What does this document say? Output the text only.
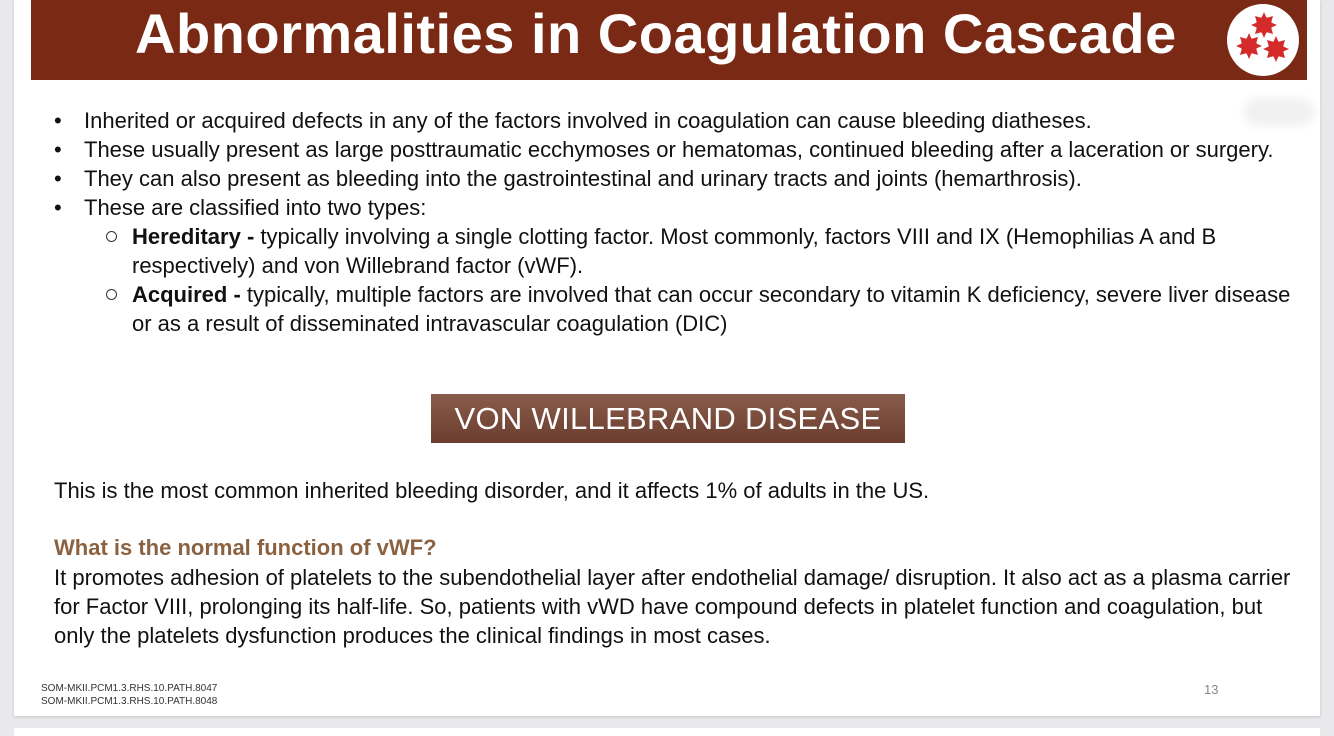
Abnormalities in Coagulation Cascade
• Inherited or acquired defects in any of the factors involved in coagulation can cause bleeding diatheses.
• These usually present as large posttraumatic ecchymoses or hematomas, continued bleeding after a laceration or surgery.
• They can also present as bleeding into the gastrointestinal and urinary tracts and joints (hemarthrosis).
• These are classified into two types:
Hereditary - typically involving a single clotting factor. Most commonly, factors VIII and IX (Hemophilias A and B respectively) and von Willebrand factor (vWF).
Acquired - typically, multiple factors are involved that can occur secondary to vitamin K deficiency, severe liver disease or as a result of disseminated intravascular coagulation (DIC)
VON WILLEBRAND DISEASE
This is the most common inherited bleeding disorder, and it affects 1% of adults in the US.
What is the normal function of vWF?
It promotes adhesion of platelets to the subendothelial layer after endothelial damage/ disruption. It also act as a plasma carrier for Factor VIII, prolonging its half-life. So, patients with vWD have compound defects in platelet function and coagulation, but only the platelets dysfunction produces the clinical findings in most cases.
SOM-MKII.PCM1.3.RHS.10.PATH.8047
SOM-MKII.PCM1.3.RHS.10.PATH.8048
13
